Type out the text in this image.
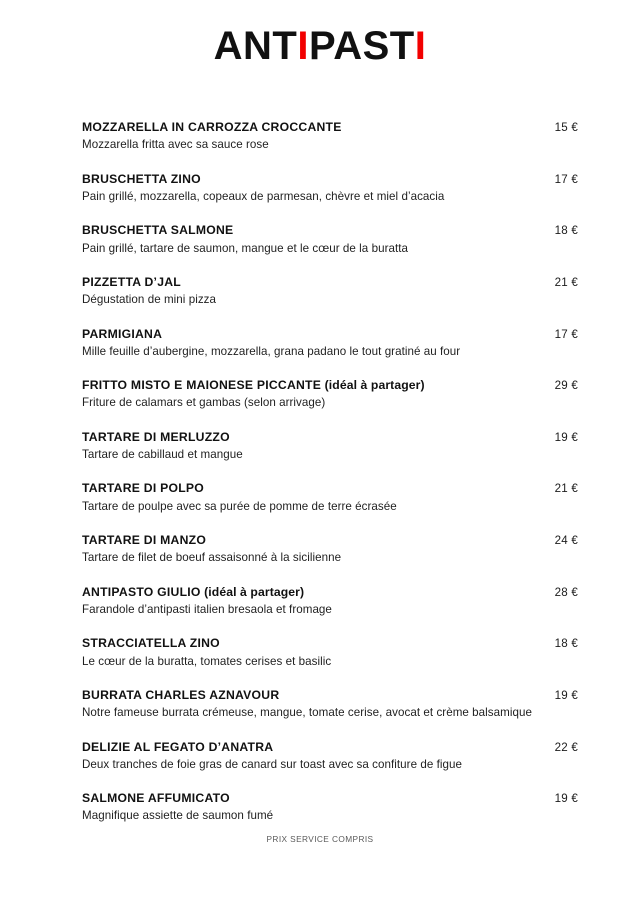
ANTIPASTI
MOZZARELLA IN CARROZZA CROCCANTE	15 €
Mozzarella fritta avec sa sauce rose
BRUSCHETTA ZINO	17 €
Pain grillé, mozzarella, copeaux de parmesan, chèvre et miel d’acacia
BRUSCHETTA SALMONE	18 €
Pain grillé, tartare de saumon, mangue et le cœur de la buratta
PIZZETTA D’JAL	21 €
Dégustation de mini pizza
PARMIGIANA	17 €
Mille feuille d’aubergine, mozzarella, grana padano le tout gratiné au four
FRITTO MISTO E MAIONESE PICCANTE (idéal à partager)	29 €
Friture de calamars et gambas (selon arrivage)
TARTARE DI MERLUZZO	19 €
Tartare de cabillaud et mangue
TARTARE DI POLPO	21 €
Tartare de poulpe avec sa purée de pomme de terre écrasée
TARTARE DI MANZO	24 €
Tartare de filet de boeuf assaisonné à la sicilienne
ANTIPASTO GIULIO (idéal à partager)	28 €
Farandole d’antipasti italien bresaola et fromage
STRACCIATELLA ZINO	18 €
Le cœur de la buratta, tomates cerises et basilic
BURRATA CHARLES AZNAVOUR	19 €
Notre fameuse burrata crémeuse, mangue, tomate cerise, avocat et crème balsamique
DELIZIE AL FEGATO D’ANATRA	22 €
Deux tranches de foie gras de canard sur toast avec sa confiture de figue
SALMONE AFFUMICATO	19 €
Magnifique assiette de saumon fumé
PRIX SERVICE COMPRIS
